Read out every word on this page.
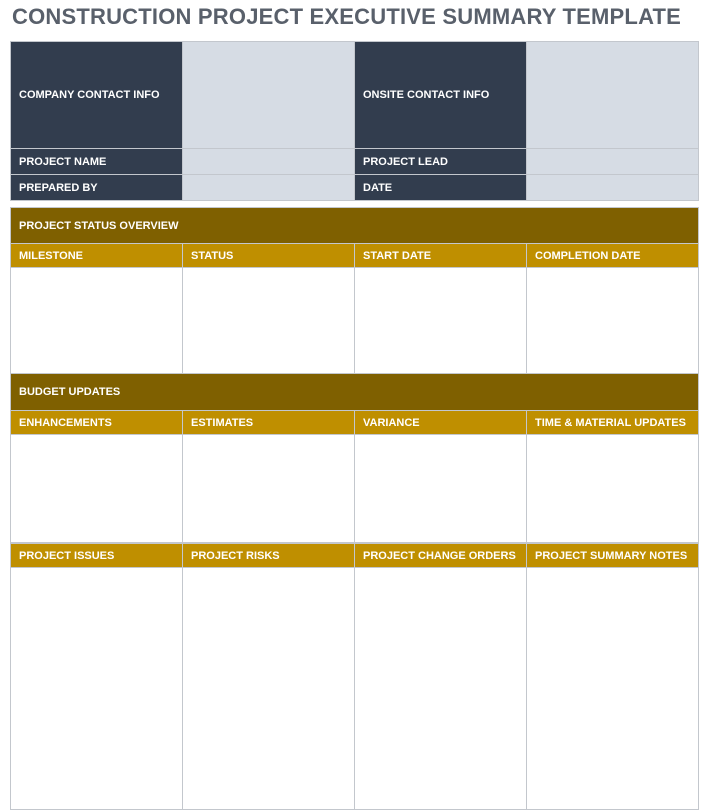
CONSTRUCTION PROJECT EXECUTIVE SUMMARY TEMPLATE
COMPANY CONTACT INFO		ONSITE CONTACT INFO	
PROJECT NAME		PROJECT LEAD	
PREPARED BY		DATE	
PROJECT STATUS OVERVIEW			
MILESTONE	STATUS	START DATE	COMPLETION DATE

BUDGET UPDATES			
ENHANCEMENTS	ESTIMATES	VARIANCE	TIME & MATERIAL UPDATES

PROJECT ISSUES	PROJECT RISKS	PROJECT CHANGE ORDERS	PROJECT SUMMARY NOTES
